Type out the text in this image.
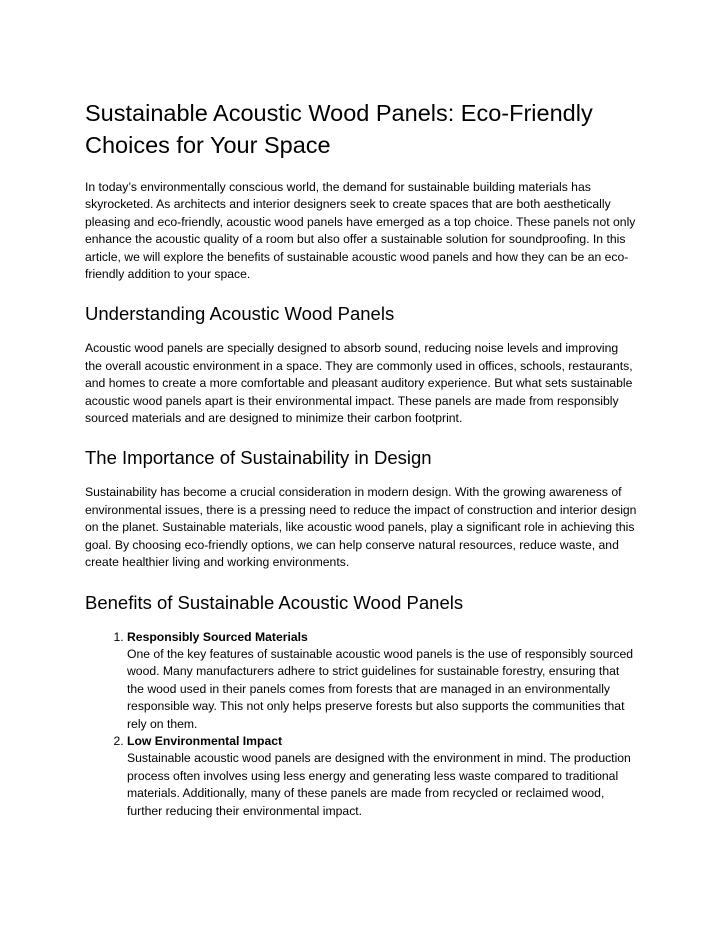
Sustainable Acoustic Wood Panels: Eco-Friendly Choices for Your Space

In today’s environmentally conscious world, the demand for sustainable building materials has skyrocketed. As architects and interior designers seek to create spaces that are both aesthetically pleasing and eco-friendly, acoustic wood panels have emerged as a top choice. These panels not only enhance the acoustic quality of a room but also offer a sustainable solution for soundproofing. In this article, we will explore the benefits of sustainable acoustic wood panels and how they can be an eco-friendly addition to your space.

Understanding Acoustic Wood Panels

Acoustic wood panels are specially designed to absorb sound, reducing noise levels and improving the overall acoustic environment in a space. They are commonly used in offices, schools, restaurants, and homes to create a more comfortable and pleasant auditory experience. But what sets sustainable acoustic wood panels apart is their environmental impact. These panels are made from responsibly sourced materials and are designed to minimize their carbon footprint.

The Importance of Sustainability in Design

Sustainability has become a crucial consideration in modern design. With the growing awareness of environmental issues, there is a pressing need to reduce the impact of construction and interior design on the planet. Sustainable materials, like acoustic wood panels, play a significant role in achieving this goal. By choosing eco-friendly options, we can help conserve natural resources, reduce waste, and create healthier living and working environments.

Benefits of Sustainable Acoustic Wood Panels
1. Responsibly Sourced Materials
One of the key features of sustainable acoustic wood panels is the use of responsibly sourced wood. Many manufacturers adhere to strict guidelines for sustainable forestry, ensuring that the wood used in their panels comes from forests that are managed in an environmentally responsible way. This not only helps preserve forests but also supports the communities that rely on them.
2. Low Environmental Impact
Sustainable acoustic wood panels are designed with the environment in mind. The production process often involves using less energy and generating less waste compared to traditional materials. Additionally, many of these panels are made from recycled or reclaimed wood, further reducing their environmental impact.
